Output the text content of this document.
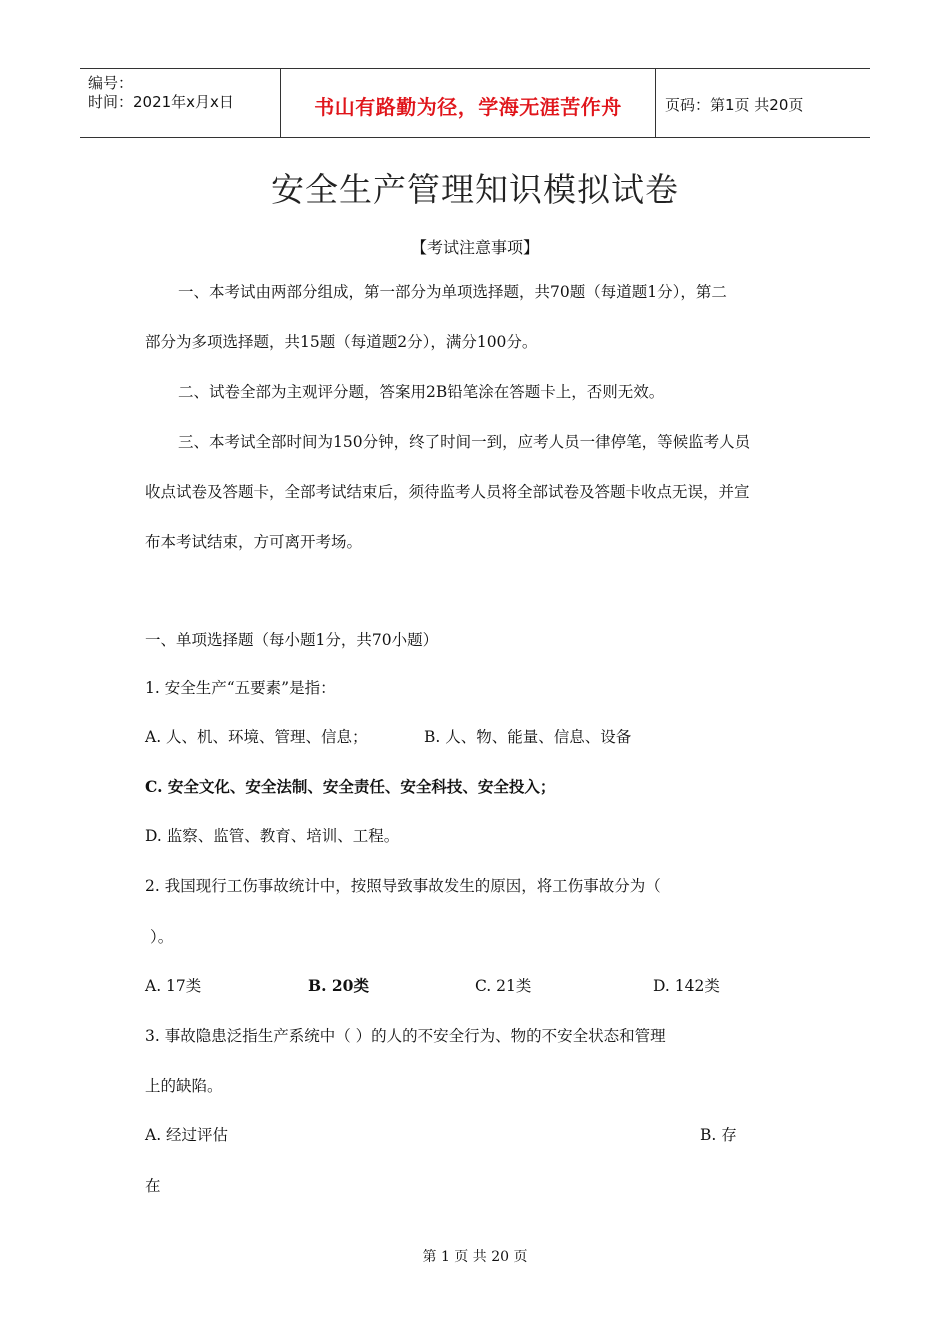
编号：
时间：2021年x月x日	书山有路勤为径，学海无涯苦作舟	页码：第1页 共20页
安全生产管理知识模拟试卷
【考试注意事项】
一、本考试由两部分组成，第一部分为单项选择题，共70题（每道题1分），第二
部分为多项选择题，共15题（每道题2分），满分100分。
二、试卷全部为主观评分题，答案用2B铅笔涂在答题卡上，否则无效。
三、本考试全部时间为150分钟，终了时间一到，应考人员一律停笔，等候监考人员
收点试卷及答题卡，全部考试结束后，须待监考人员将全部试卷及答题卡收点无误，并宣
布本考试结束，方可离开考场。
一、单项选择题（每小题1分，共70小题）
1. 安全生产“五要素”是指：
A. 人、机、环境、管理、信息；	B. 人、物、能量、信息、设备
C. 安全文化、安全法制、安全责任、安全科技、安全投入；
D. 监察、监管、教育、培训、工程。
2. 我国现行工伤事故统计中，按照导致事故发生的原因，将工伤事故分为（
）。
A. 17类	B. 20类	C. 21类	D. 142类
3. 事故隐患泛指生产系统中（ ）的人的不安全行为、物的不安全状态和管理
上的缺陷。
A. 经过评估	B. 存
在
第 1 页 共 20 页
